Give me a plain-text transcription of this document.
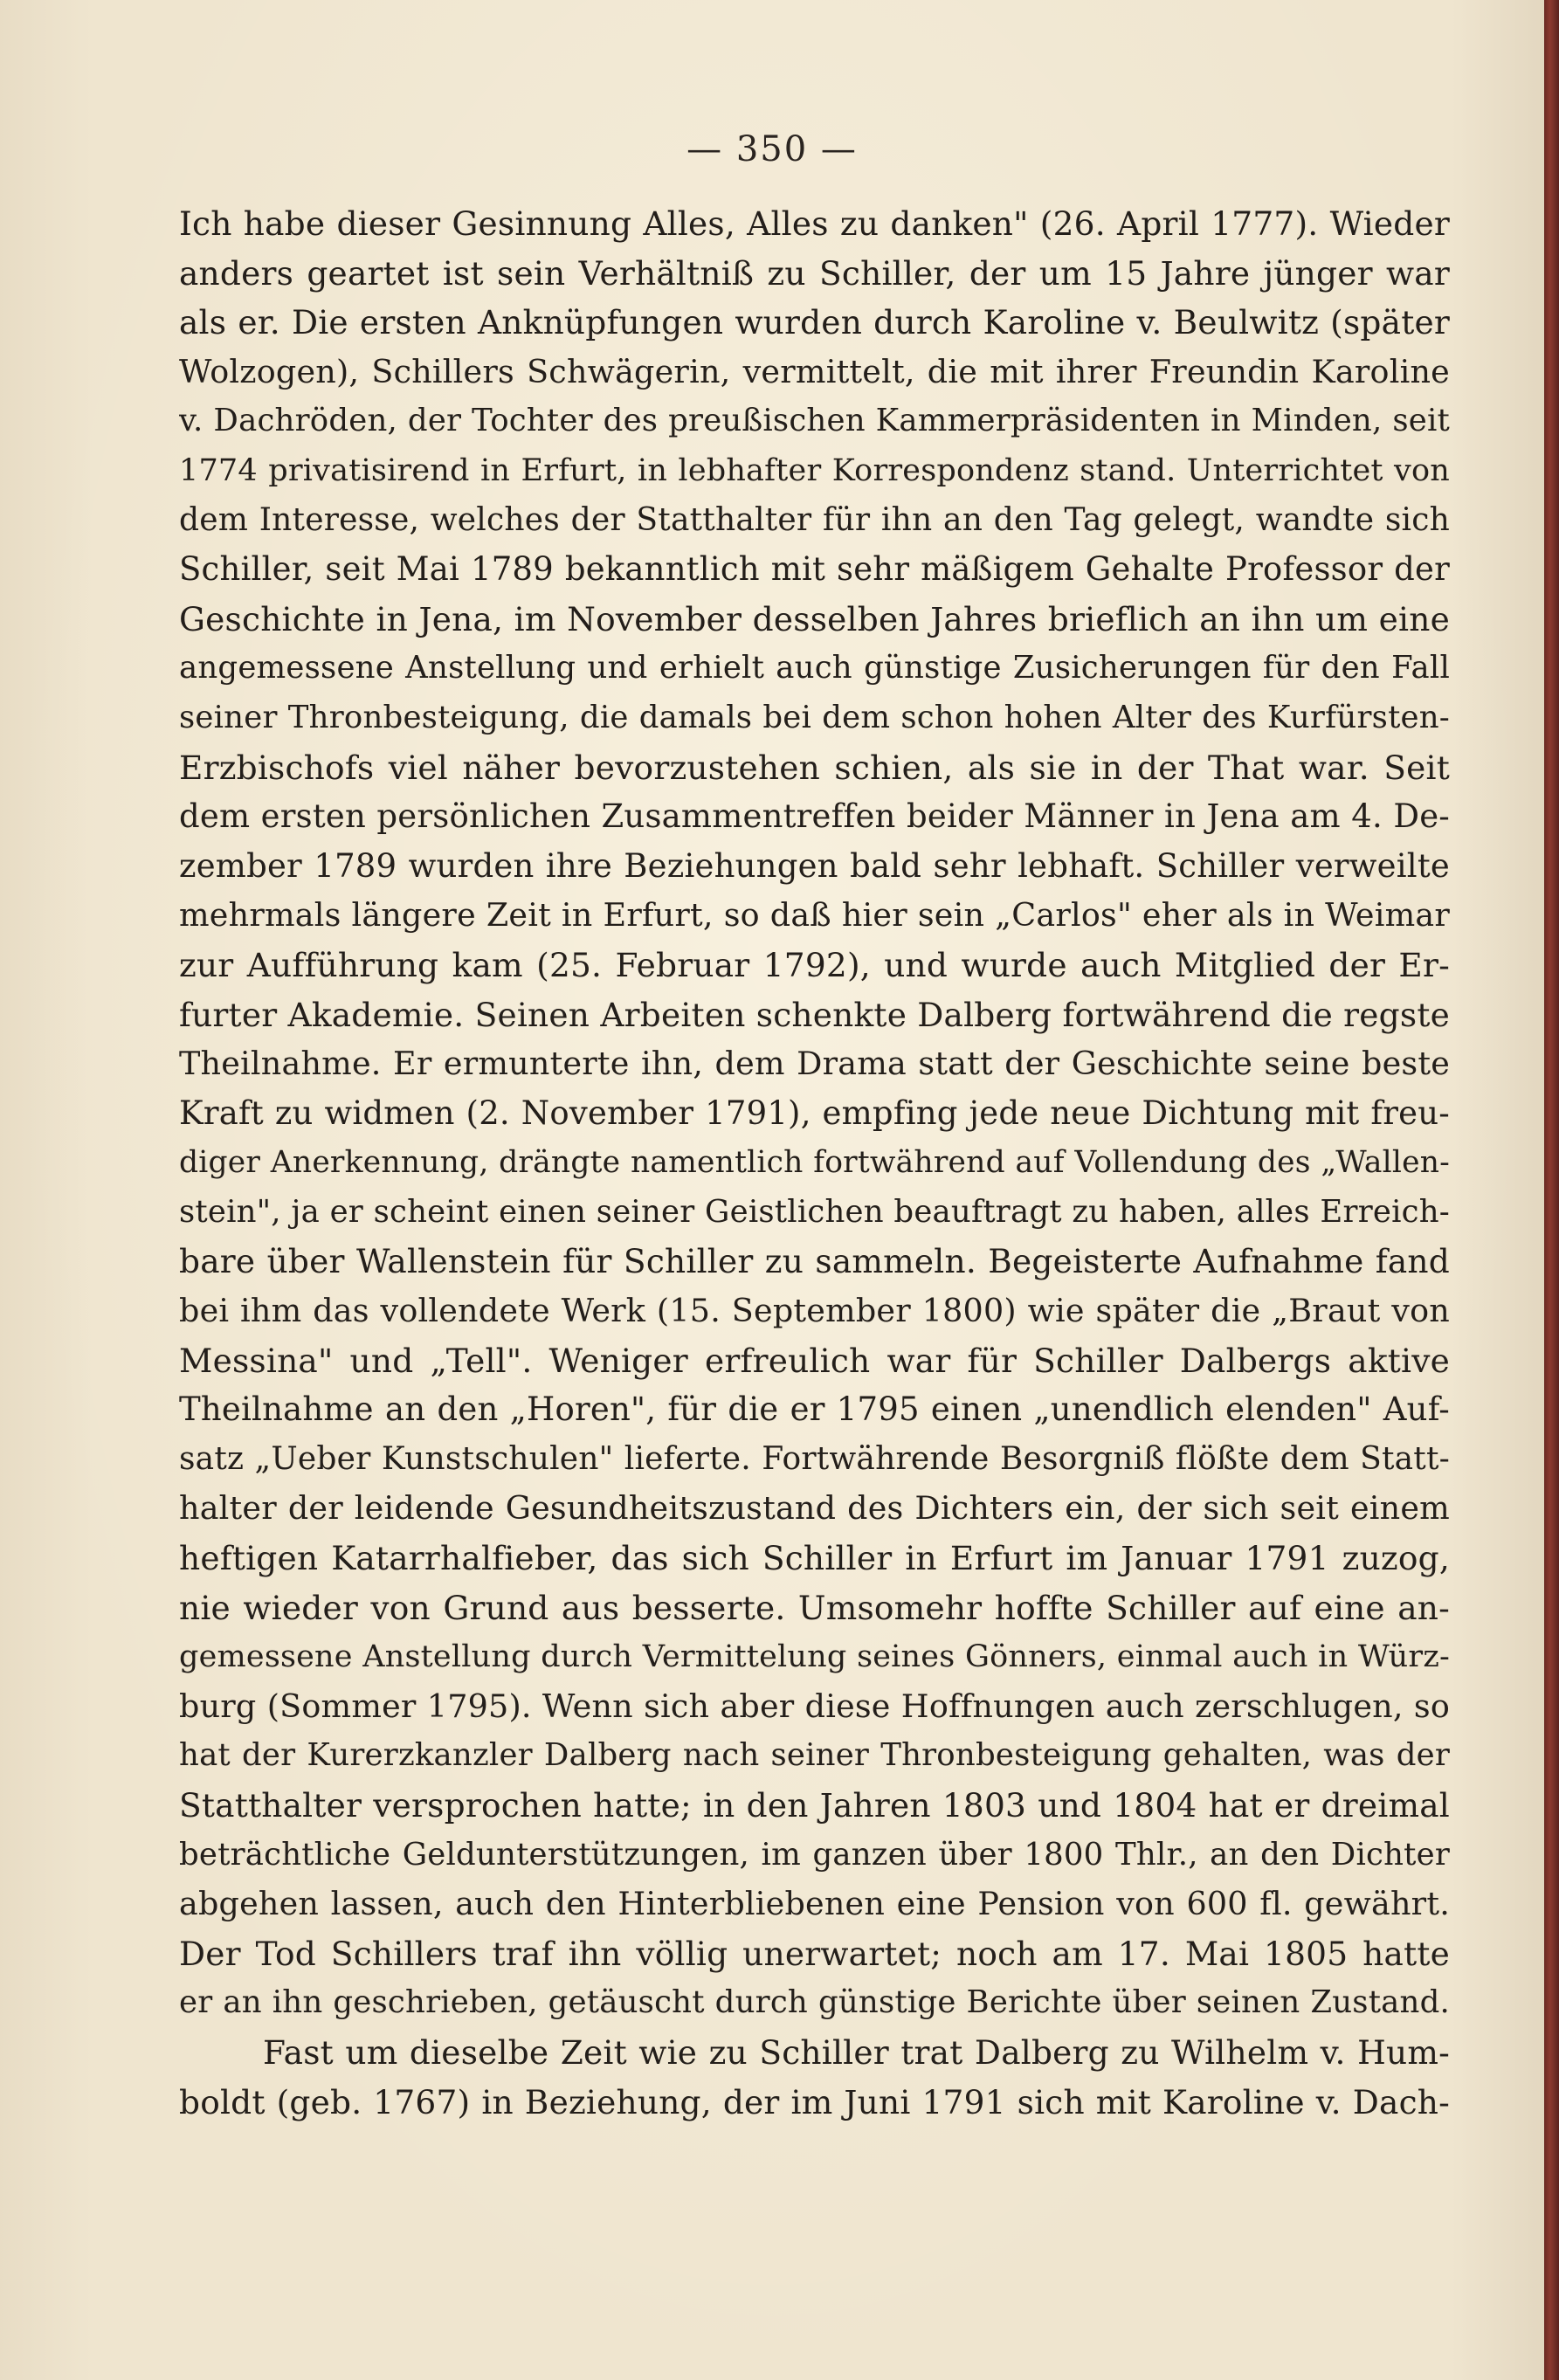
— 350 —
Ich habe dieser Gesinnung Alles, Alles zu danken" (26. April 1777). Wieder
anders geartet ist sein Verhältniß zu Schiller, der um 15 Jahre jünger war
als er. Die ersten Anknüpfungen wurden durch Karoline v. Beulwitz (später
Wolzogen), Schillers Schwägerin, vermittelt, die mit ihrer Freundin Karoline
v. Dachröden, der Tochter des preußischen Kammerpräsidenten in Minden, seit
1774 privatisirend in Erfurt, in lebhafter Korrespondenz stand. Unterrichtet von
dem Interesse, welches der Statthalter für ihn an den Tag gelegt, wandte sich
Schiller, seit Mai 1789 bekanntlich mit sehr mäßigem Gehalte Professor der
Geschichte in Jena, im November desselben Jahres brieflich an ihn um eine
angemessene Anstellung und erhielt auch günstige Zusicherungen für den Fall
seiner Thronbesteigung, die damals bei dem schon hohen Alter des Kurfürsten-
Erzbischofs viel näher bevorzustehen schien, als sie in der That war. Seit
dem ersten persönlichen Zusammentreffen beider Männer in Jena am 4. De-
zember 1789 wurden ihre Beziehungen bald sehr lebhaft. Schiller verweilte
mehrmals längere Zeit in Erfurt, so daß hier sein „Carlos" eher als in Weimar
zur Aufführung kam (25. Februar 1792), und wurde auch Mitglied der Er-
furter Akademie. Seinen Arbeiten schenkte Dalberg fortwährend die regste
Theilnahme. Er ermunterte ihn, dem Drama statt der Geschichte seine beste
Kraft zu widmen (2. November 1791), empfing jede neue Dichtung mit freu-
diger Anerkennung, drängte namentlich fortwährend auf Vollendung des „Wallen-
stein", ja er scheint einen seiner Geistlichen beauftragt zu haben, alles Erreich-
bare über Wallenstein für Schiller zu sammeln. Begeisterte Aufnahme fand
bei ihm das vollendete Werk (15. September 1800) wie später die „Braut von
Messina" und „Tell". Weniger erfreulich war für Schiller Dalbergs aktive
Theilnahme an den „Horen", für die er 1795 einen „unendlich elenden" Auf-
satz „Ueber Kunstschulen" lieferte. Fortwährende Besorgniß flößte dem Statt-
halter der leidende Gesundheitszustand des Dichters ein, der sich seit einem
heftigen Katarrhalfieber, das sich Schiller in Erfurt im Januar 1791 zuzog,
nie wieder von Grund aus besserte. Umsomehr hoffte Schiller auf eine an-
gemessene Anstellung durch Vermittelung seines Gönners, einmal auch in Würz-
burg (Sommer 1795). Wenn sich aber diese Hoffnungen auch zerschlugen, so
hat der Kurerzkanzler Dalberg nach seiner Thronbesteigung gehalten, was der
Statthalter versprochen hatte; in den Jahren 1803 und 1804 hat er dreimal
beträchtliche Geldunterstützungen, im ganzen über 1800 Thlr., an den Dichter
abgehen lassen, auch den Hinterbliebenen eine Pension von 600 fl. gewährt.
Der Tod Schillers traf ihn völlig unerwartet; noch am 17. Mai 1805 hatte
er an ihn geschrieben, getäuscht durch günstige Berichte über seinen Zustand.
Fast um dieselbe Zeit wie zu Schiller trat Dalberg zu Wilhelm v. Hum-
boldt (geb. 1767) in Beziehung, der im Juni 1791 sich mit Karoline v. Dach-
